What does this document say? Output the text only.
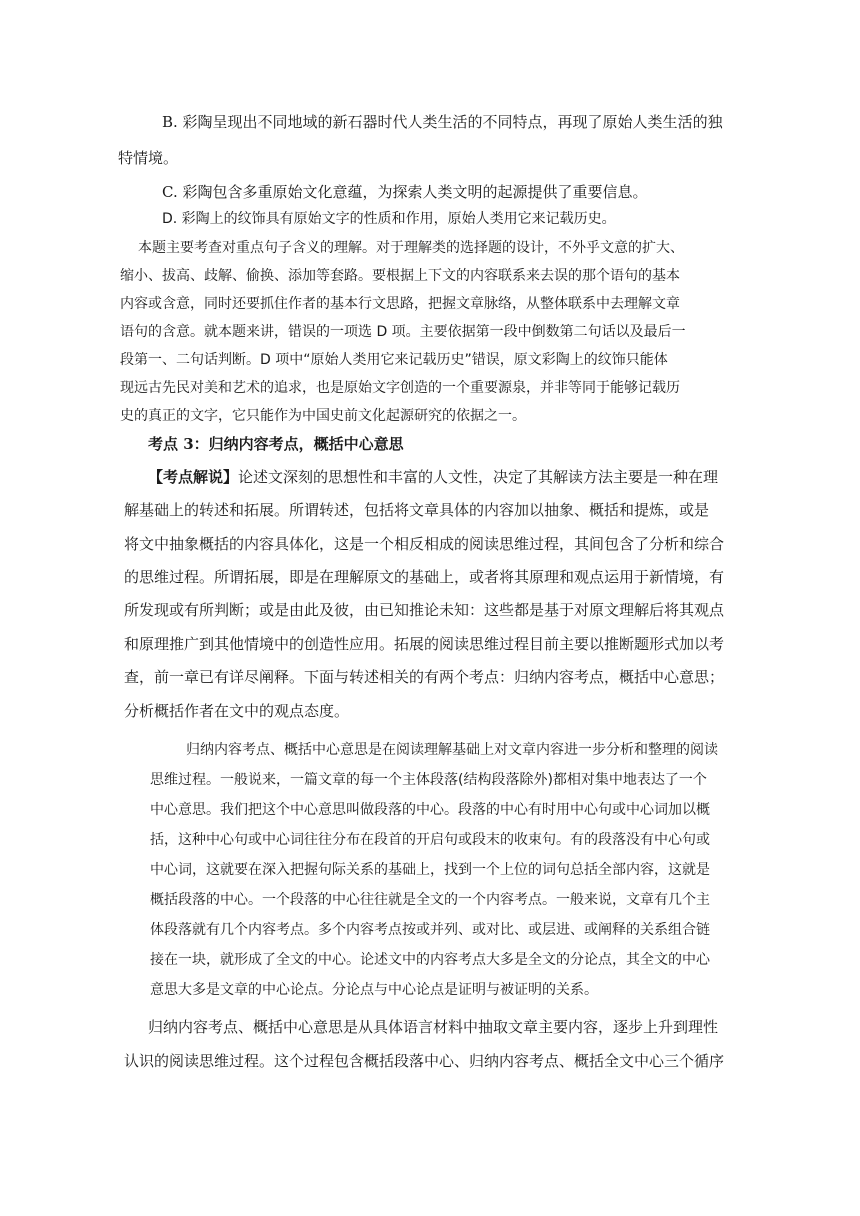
B. 彩陶呈现出不同地域的新石器时代人类生活的不同特点，再现了原始人类生活的独
特情境。
C. 彩陶包含多重原始文化意蕴，为探索人类文明的起源提供了重要信息。
D. 彩陶上的纹饰具有原始文字的性质和作用，原始人类用它来记载历史。
本题主要考查对重点句子含义的理解。对于理解类的选择题的设计，不外乎文意的扩大、
缩小、拔高、歧解、偷换、添加等套路。要根据上下文的内容联系来去误的那个语句的基本
内容或含意，同时还要抓住作者的基本行文思路，把握文章脉络，从整体联系中去理解文章
语句的含意。就本题来讲，错误的一项选 D 项。主要依据第一段中倒数第二句话以及最后一
段第一、二句话判断。D 项中“原始人类用它来记载历史”错误，原文彩陶上的纹饰只能体
现远古先民对美和艺术的追求，也是原始文字创造的一个重要源泉，并非等同于能够记载历
史的真正的文字，它只能作为中国史前文化起源研究的依据之一。
考点 3：归纳内容考点，概括中心意思
【考点解说】论述文深刻的思想性和丰富的人文性，决定了其解读方法主要是一种在理
解基础上的转述和拓展。所谓转述，包括将文章具体的内容加以抽象、概括和提炼，或是
将文中抽象概括的内容具体化，这是一个相反相成的阅读思维过程，其间包含了分析和综合
的思维过程。所谓拓展，即是在理解原文的基础上，或者将其原理和观点运用于新情境，有
所发现或有所判断；或是由此及彼，由已知推论未知：这些都是基于对原文理解后将其观点
和原理推广到其他情境中的创造性应用。拓展的阅读思维过程目前主要以推断题形式加以考
查，前一章已有详尽阐释。下面与转述相关的有两个考点：归纳内容考点，概括中心意思；
分析概括作者在文中的观点态度。
归纳内容考点、概括中心意思是在阅读理解基础上对文章内容进一步分析和整理的阅读
思维过程。一般说来，一篇文章的每一个主体段落(结构段落除外)都相对集中地表达了一个
中心意思。我们把这个中心意思叫做段落的中心。段落的中心有时用中心句或中心词加以概
括，这种中心句或中心词往往分布在段首的开启句或段末的收束句。有的段落没有中心句或
中心词，这就要在深入把握句际关系的基础上，找到一个上位的词句总括全部内容，这就是
概括段落的中心。一个段落的中心往往就是全文的一个内容考点。一般来说，文章有几个主
体段落就有几个内容考点。多个内容考点按或并列、或对比、或层进、或阐释的关系组合链
接在一块，就形成了全文的中心。论述文中的内容考点大多是全文的分论点，其全文的中心
意思大多是文章的中心论点。分论点与中心论点是证明与被证明的关系。
归纳内容考点、概括中心意思是从具体语言材料中抽取文章主要内容，逐步上升到理性
认识的阅读思维过程。这个过程包含概括段落中心、归纳内容考点、概括全文中心三个循序
